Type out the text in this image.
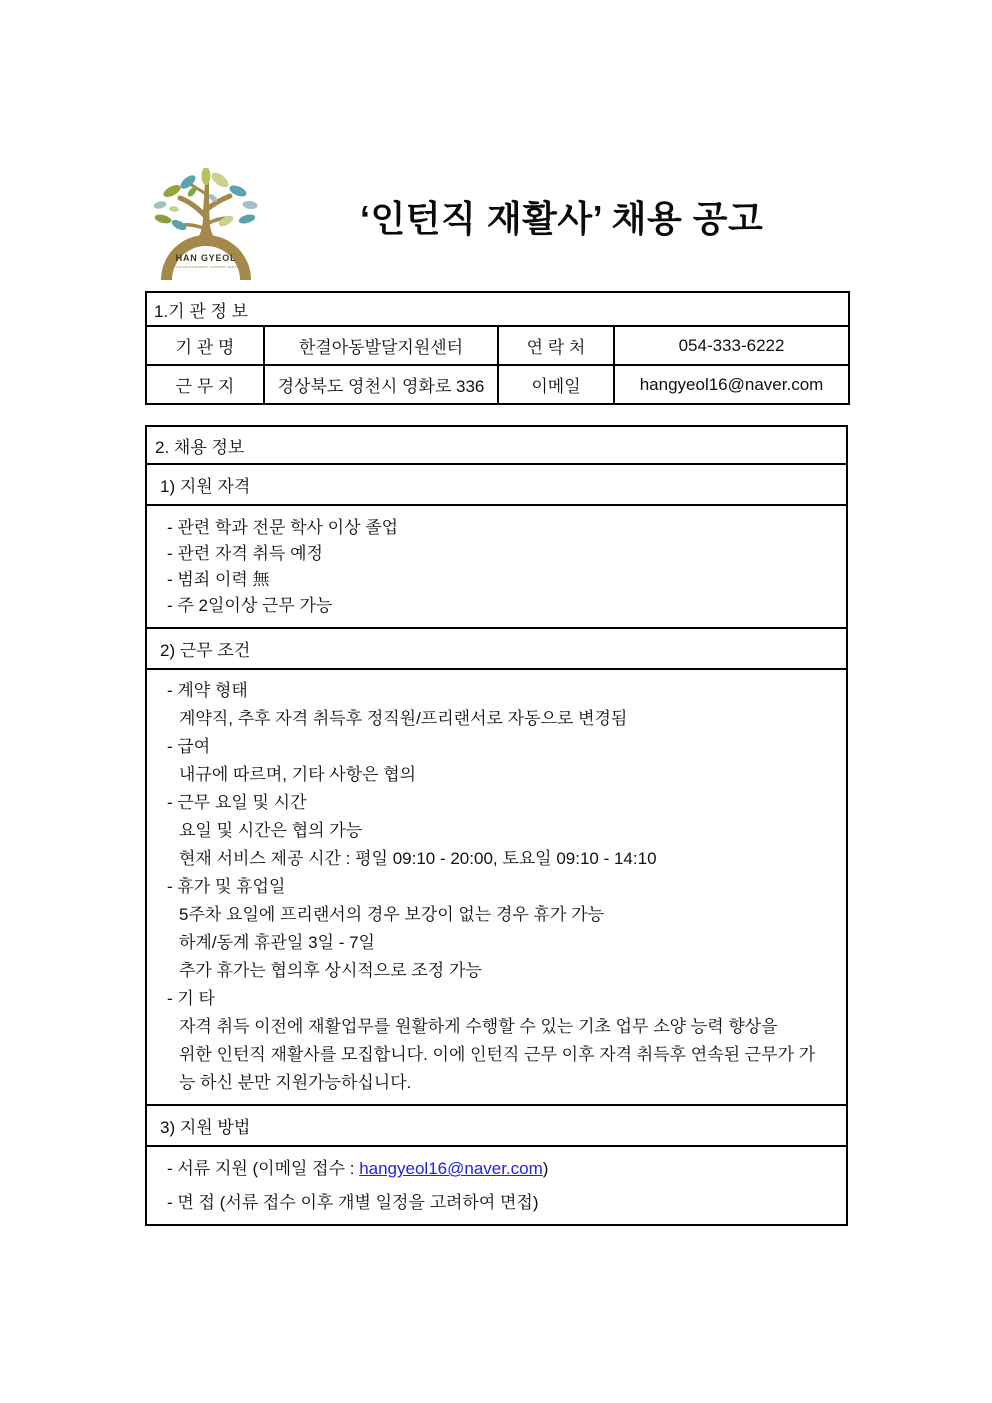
HAN GYEOL
CHILD DEVELOPMENT SUPPORT CENTER
‘인턴직 재활사’ 채용 공고
1.기 관 정 보			
기 관 명	한결아동발달지원센터	연 락 처	054-333-6222
근 무 지	경상북도 영천시 영화로 336	이메일	hangyeol16@naver.com
2. 채용 정보
1) 지원 자격
- 관련 학과 전문 학사 이상 졸업
- 관련 자격 취득 예정
- 범죄 이력 無
- 주 2일이상 근무 가능
2) 근무 조건
- 계약 형태
계약직, 추후 자격 취득후 정직원/프리랜서로 자동으로 변경됨
- 급여
내규에 따르며, 기타 사항은 협의
- 근무 요일 및 시간
요일 및 시간은 협의 가능
현재 서비스 제공 시간 : 평일 09:10 - 20:00, 토요일 09:10 - 14:10
- 휴가 및 휴업일
5주차 요일에 프리랜서의 경우 보강이 없는 경우 휴가 가능
하계/동계 휴관일 3일 - 7일
추가 휴가는 협의후 상시적으로 조정 가능
- 기 타
자격 취득 이전에 재활업무를 원활하게 수행할 수 있는 기초 업무 소양 능력 향상을
위한 인턴직 재활사를 모집합니다. 이에 인턴직 근무 이후 자격 취득후 연속된 근무가 가
능 하신 분만 지원가능하십니다.
3) 지원 방법
- 서류 지원 (이메일 접수 : hangyeol16@naver.com)
- 면 접 (서류 접수 이후 개별 일정을 고려하여 면접)
